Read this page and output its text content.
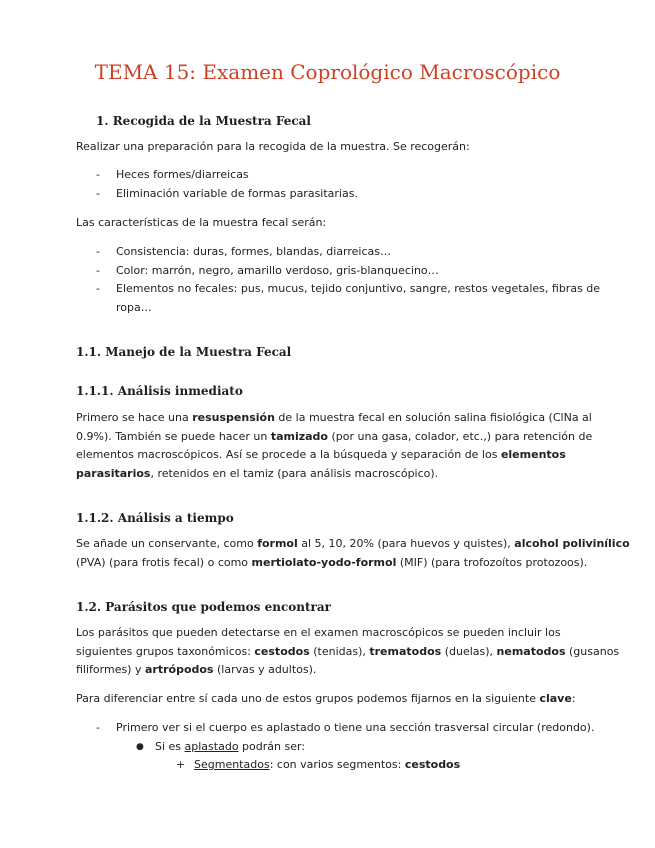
TEMA 15: Examen Coprológico Macroscópico
1. Recogida de la Muestra Fecal
Realizar una preparación para la recogida de la muestra. Se recogerán:
- Heces formes/diarreicas
- Eliminación variable de formas parasitarias.
Las características de la muestra fecal serán:
- Consistencia: duras, formes, blandas, diarreicas…
- Color: marrón, negro, amarillo verdoso, gris-blanquecino…
- Elementos no fecales: pus, mucus, tejido conjuntivo, sangre, restos vegetales, fibras de
ropa…
1.1. Manejo de la Muestra Fecal
1.1.1. Análisis inmediato
Primero se hace una resuspensión de la muestra fecal en solución salina fisiológica (ClNa al
0.9%). También se puede hacer un tamizado (por una gasa, colador, etc.,) para retención de
elementos macroscópicos. Así se procede a la búsqueda y separación de los elementos
parasitarios, retenidos en el tamiz (para análisis macroscópico).
1.1.2. Análisis a tiempo
Se añade un conservante, como formol al 5, 10, 20% (para huevos y quistes), alcohol polivinílico
(PVA) (para frotis fecal) o como mertiolato-yodo-formol (MIF) (para trofozoítos protozoos).
1.2. Parásitos que podemos encontrar
Los parásitos que pueden detectarse en el examen macroscópicos se pueden incluir los
siguientes grupos taxonómicos: cestodos (tenidas), trematodos (duelas), nematodos (gusanos
filiformes) y artrópodos (larvas y adultos).
Para diferenciar entre sí cada uno de estos grupos podemos fijarnos en la siguiente clave:
- Primero ver si el cuerpo es aplastado o tiene una sección trasversal circular (redondo).
● Si es aplastado podrán ser:
+ Segmentados: con varios segmentos: cestodos
